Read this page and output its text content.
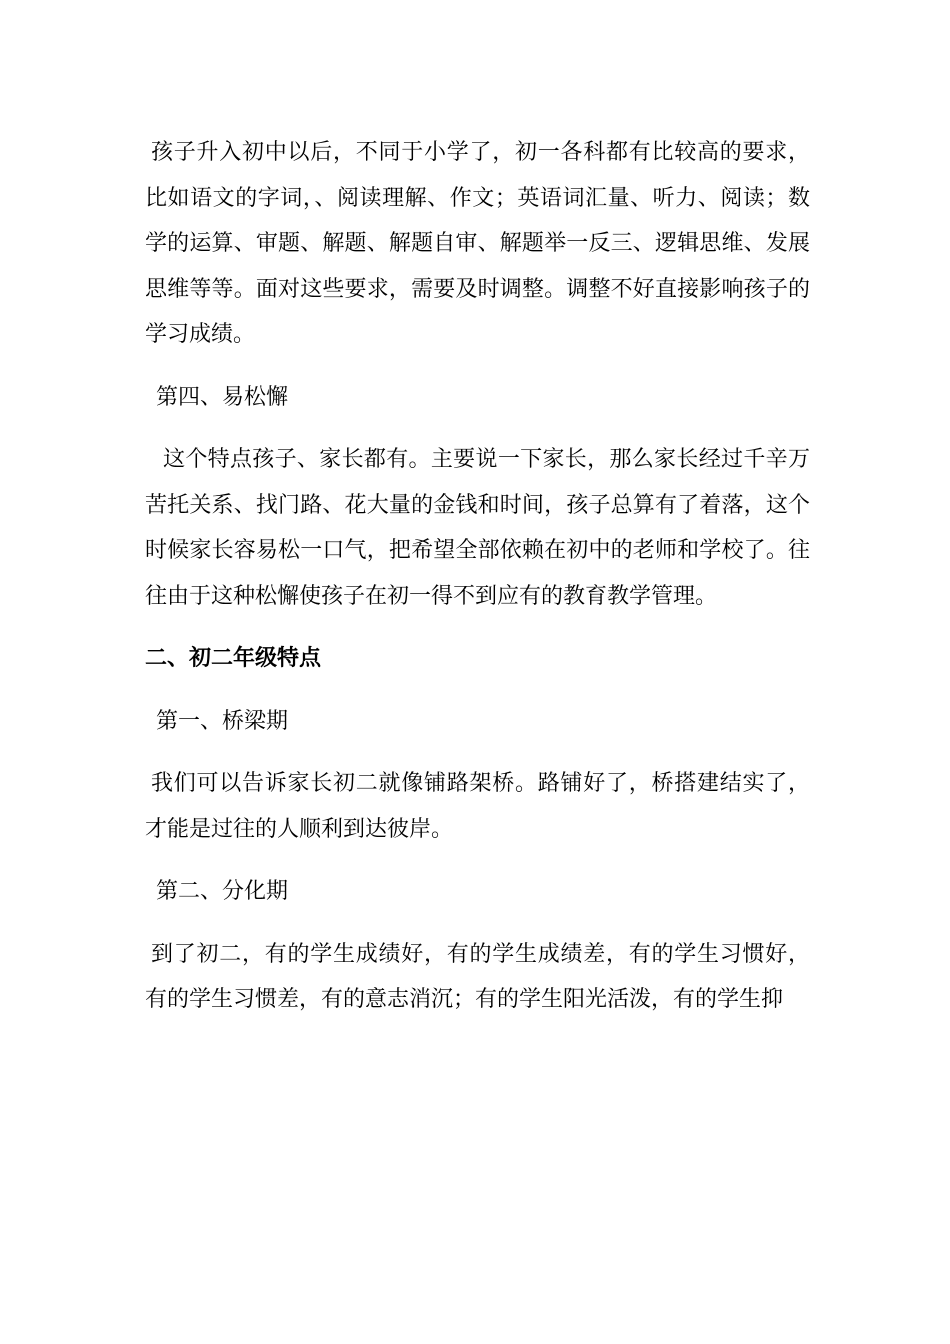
孩子升入初中以后，不同于小学了，初一各科都有比较高的要求，比如语文的字词，、阅读理解、作文；英语词汇量、听力、阅读；数学的运算、审题、解题、解题自审、解题举一反三、逻辑思维、发展思维等等。面对这些要求，需要及时调整。调整不好直接影响孩子的学习成绩。

第四、易松懈

这个特点孩子、家长都有。主要说一下家长，那么家长经过千辛万苦托关系、找门路、花大量的金钱和时间，孩子总算有了着落，这个时候家长容易松一口气，把希望全部依赖在初中的老师和学校了。往往由于这种松懈使孩子在初一得不到应有的教育教学管理。

二、初二年级特点

第一、桥梁期

我们可以告诉家长初二就像铺路架桥。路铺好了，桥搭建结实了，才能是过往的人顺利到达彼岸。

第二、分化期

到了初二，有的学生成绩好，有的学生成绩差，有的学生习惯好，有的学生习惯差，有的意志消沉；有的学生阳光活泼，有的学生抑
